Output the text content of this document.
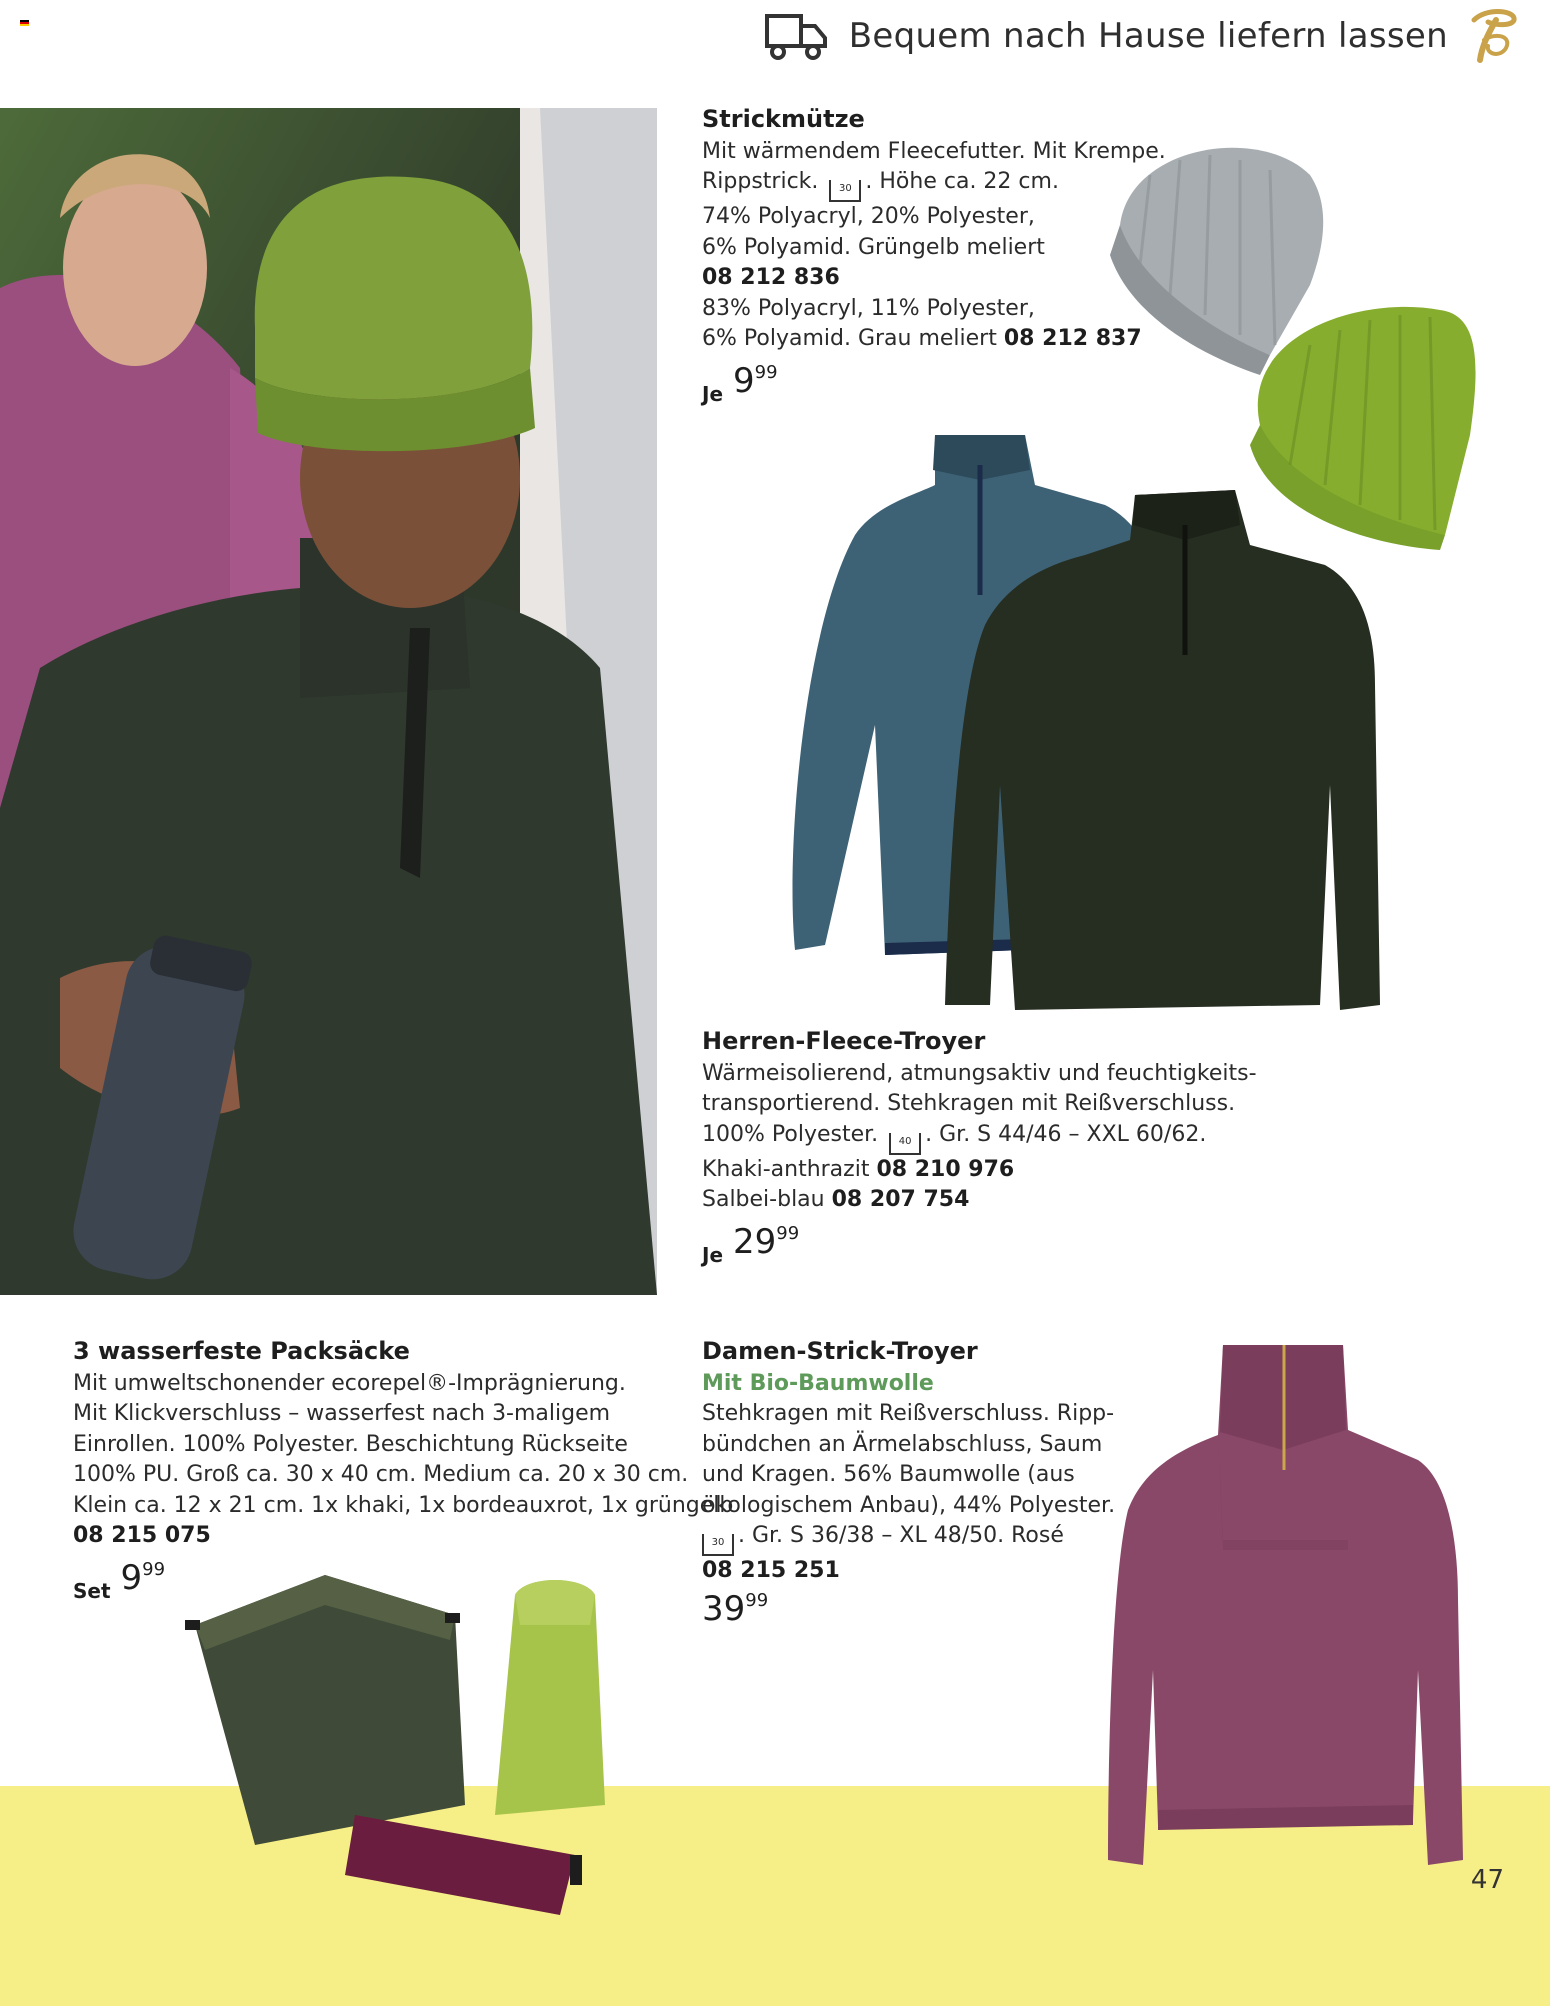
Bequem nach Hause liefern lassen
Strickmütze
Mit wärmendem Fleecefutter. Mit Krempe.
Rippstrick. 30 . Höhe ca. 22 cm.
74% Polyacryl, 20% Polyester,
6% Polyamid. Grüngelb meliert
08 212 836
83% Polyacryl, 11% Polyester,
6% Polyamid. Grau meliert 08 212 837
Je 9 99
Herren-Fleece-Troyer
Wärmeisolierend, atmungsaktiv und feuchtigkeits-
transportierend. Stehkragen mit Reißverschluss.
100% Polyester. 40 . Gr. S 44/46 – XXL 60/62.
Khaki-anthrazit 08 210 976
Salbei-blau 08 207 754
Je 29 99
3 wasserfeste Packsäcke
Mit umweltschonender ecorepel®-Imprägnierung.
Mit Klickverschluss – wasserfest nach 3-maligem
Einrollen. 100% Polyester. Beschichtung Rückseite
100% PU. Groß ca. 30 x 40 cm. Medium ca. 20 x 30 cm.
Klein ca. 12 x 21 cm. 1x khaki, 1x bordeauxrot, 1x grüngelb
08 215 075
Set 9 99
Damen-Strick-Troyer
Mit Bio-Baumwolle
Stehkragen mit Reißverschluss. Ripp-
bündchen an Ärmelabschluss, Saum
und Kragen. 56% Baumwolle (aus
ökologischem Anbau), 44% Polyester.
30 . Gr. S 36/38 – XL 48/50. Rosé
08 215 251
39 99
47
